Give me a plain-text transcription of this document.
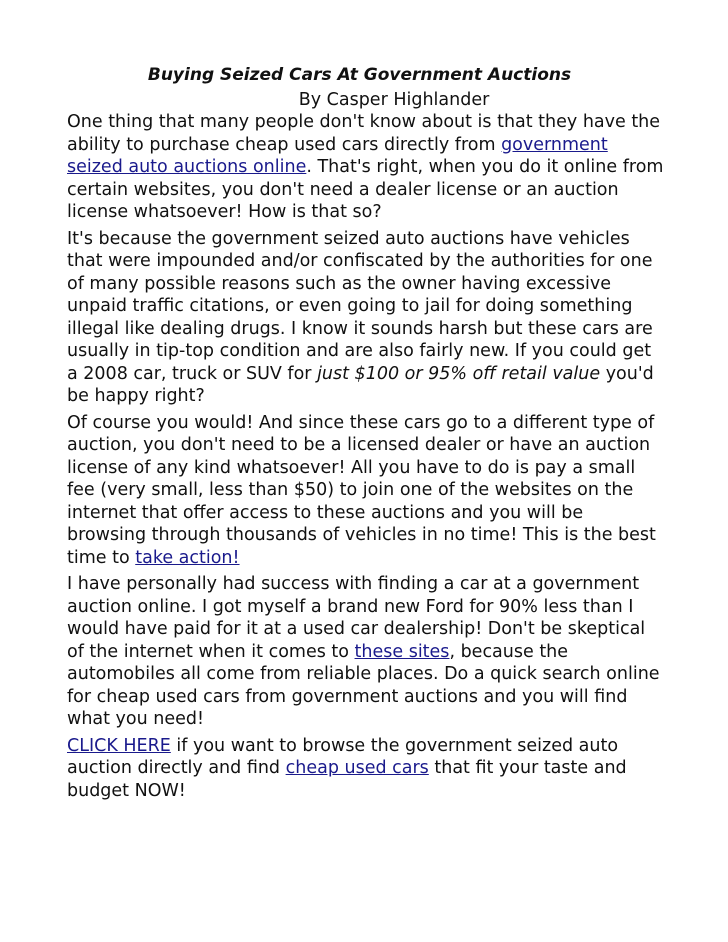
Buying Seized Cars At Government Auctions
By Casper Highlander

One thing that many people don't know about is that they have the ability to purchase cheap used cars directly from government seized auto auctions online. That's right, when you do it online from certain websites, you don't need a dealer license or an auction license whatsoever! How is that so?

It's because the government seized auto auctions have vehicles that were impounded and/or confiscated by the authorities for one of many possible reasons such as the owner having excessive unpaid traffic citations, or even going to jail for doing something illegal like dealing drugs. I know it sounds harsh but these cars are usually in tip-top condition and are also fairly new. If you could get a 2008 car, truck or SUV for just $100 or 95% off retail value you'd be happy right?

Of course you would! And since these cars go to a different type of auction, you don't need to be a licensed dealer or have an auction license of any kind whatsoever! All you have to do is pay a small fee (very small, less than $50) to join one of the websites on the internet that offer access to these auctions and you will be browsing through thousands of vehicles in no time! This is the best time to take action!

I have personally had success with finding a car at a government auction online. I got myself a brand new Ford for 90% less than I would have paid for it at a used car dealership! Don't be skeptical of the internet when it comes to these sites, because the automobiles all come from reliable places. Do a quick search online for cheap used cars from government auctions and you will find what you need!

CLICK HERE if you want to browse the government seized auto auction directly and find cheap used cars that fit your taste and budget NOW!
